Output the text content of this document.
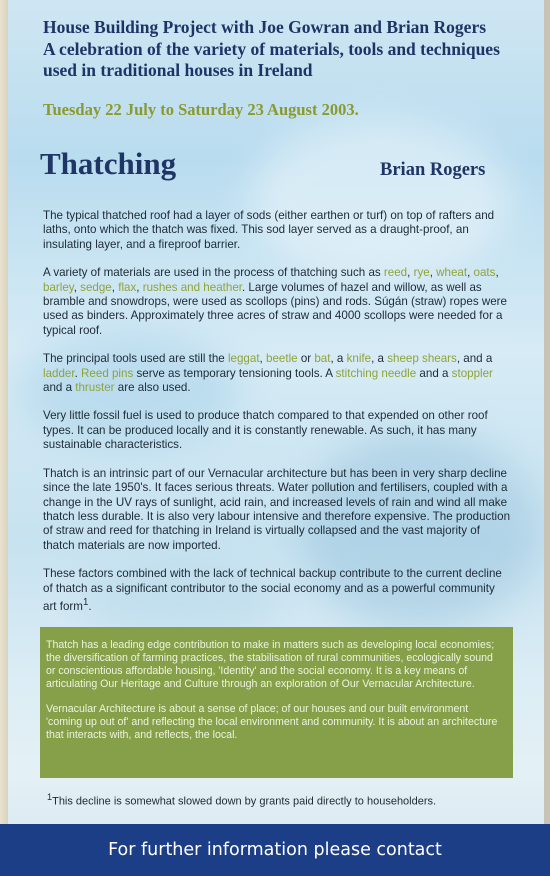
House Building Project with Joe Gowran and Brian Rogers
A celebration of the variety of materials, tools and techniques
used in traditional houses in Ireland
Tuesday 22 July to Saturday 23 August 2003.
Thatching	Brian Rogers

The typical thatched roof had a layer of sods (either earthen or turf) on top of rafters and laths, onto which the thatch was fixed. This sod layer served as a draught-proof, an insulating layer, and a fireproof barrier.

A variety of materials are used in the process of thatching such as reed, rye, wheat, oats, barley, sedge, flax, rushes and heather. Large volumes of hazel and willow, as well as bramble and snowdrops, were used as scollops (pins) and rods. Súgán (straw) ropes were used as binders. Approximately three acres of straw and 4000 scollops were needed for a typical roof.

The principal tools used are still the leggat, beetle or bat, a knife, a sheep shears, and a ladder. Reed pins serve as temporary tensioning tools. A stitching needle and a stoppler and a thruster are also used.

Very little fossil fuel is used to produce thatch compared to that expended on other roof types. It can be produced locally and it is constantly renewable. As such, it has many sustainable characteristics.

Thatch is an intrinsic part of our Vernacular architecture but has been in very sharp decline since the late 1950's. It faces serious threats. Water pollution and fertilisers, coupled with a change in the UV rays of sunlight, acid rain, and increased levels of rain and wind all make thatch less durable. It is also very labour intensive and therefore expensive. The production of straw and reed for thatching in Ireland is virtually collapsed and the vast majority of thatch materials are now imported.

These factors combined with the lack of technical backup contribute to the current decline of thatch as a significant contributor to the social economy and as a powerful community art form$^1$.

Thatch has a leading edge contribution to make in matters such as developing local economies; the diversification of farming practices, the stabilisation of rural communities, ecologically sound or conscientious affordable housing, 'Identity' and the social economy. It is a key means of articulating Our Heritage and Culture through an exploration of Our Vernacular Architecture.

Vernacular Architecture is about a sense of place; of our houses and our built environment 'coming up out of' and reflecting the local environment and community. It is about an architecture that interacts with, and reflects, the local.

$^1$This decline is somewhat slowed down by grants paid directly to householders.
For further information please contact
